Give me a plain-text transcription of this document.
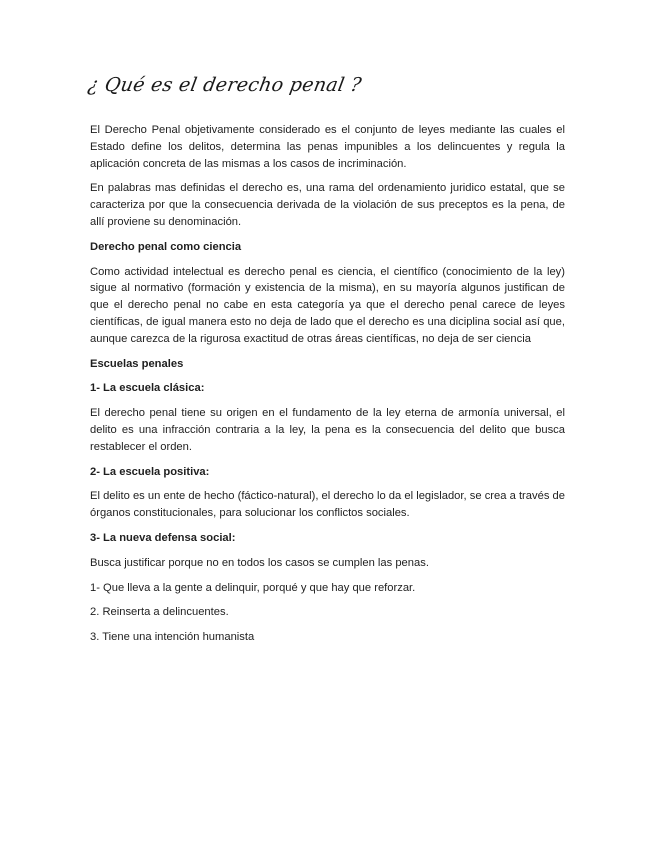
¿ Qué es el derecho penal ?
El Derecho Penal objetivamente considerado es el conjunto de leyes mediante las cuales el Estado define los delitos, determina las penas impunibles a los delincuentes y regula la aplicación concreta de las mismas a los casos de incriminación.
En palabras mas definidas el derecho es, una rama del ordenamiento juridico estatal, que se caracteriza por que la consecuencia derivada de la violación de sus preceptos es la pena, de allí proviene su denominación.
Derecho penal como ciencia
Como actividad intelectual es derecho penal es ciencia, el científico (conocimiento de la ley) sigue al normativo (formación y existencia de la misma), en su mayoría algunos justifican de que el derecho penal no cabe en esta categoría ya que el derecho penal carece de leyes científicas, de igual manera esto no deja de lado que el derecho es una diciplina social así que, aunque carezca de la rigurosa exactitud de otras áreas científicas, no deja de ser ciencia
Escuelas penales
1- La escuela clásica:
El derecho penal tiene su origen en el fundamento de la ley eterna de armonía universal, el delito es una infracción contraria a la ley, la pena es la consecuencia del delito que busca restablecer el orden.
2- La escuela positiva:
El delito es un ente de hecho (fáctico-natural), el derecho lo da el legislador, se crea a través de órganos constitucionales, para solucionar los conflictos sociales.
3- La nueva defensa social:
Busca justificar porque no en todos los casos se cumplen las penas.
1- Que lleva a la gente a delinquir, porqué y que hay que reforzar.
2. Reinserta a delincuentes.
3. Tiene una intención humanista
